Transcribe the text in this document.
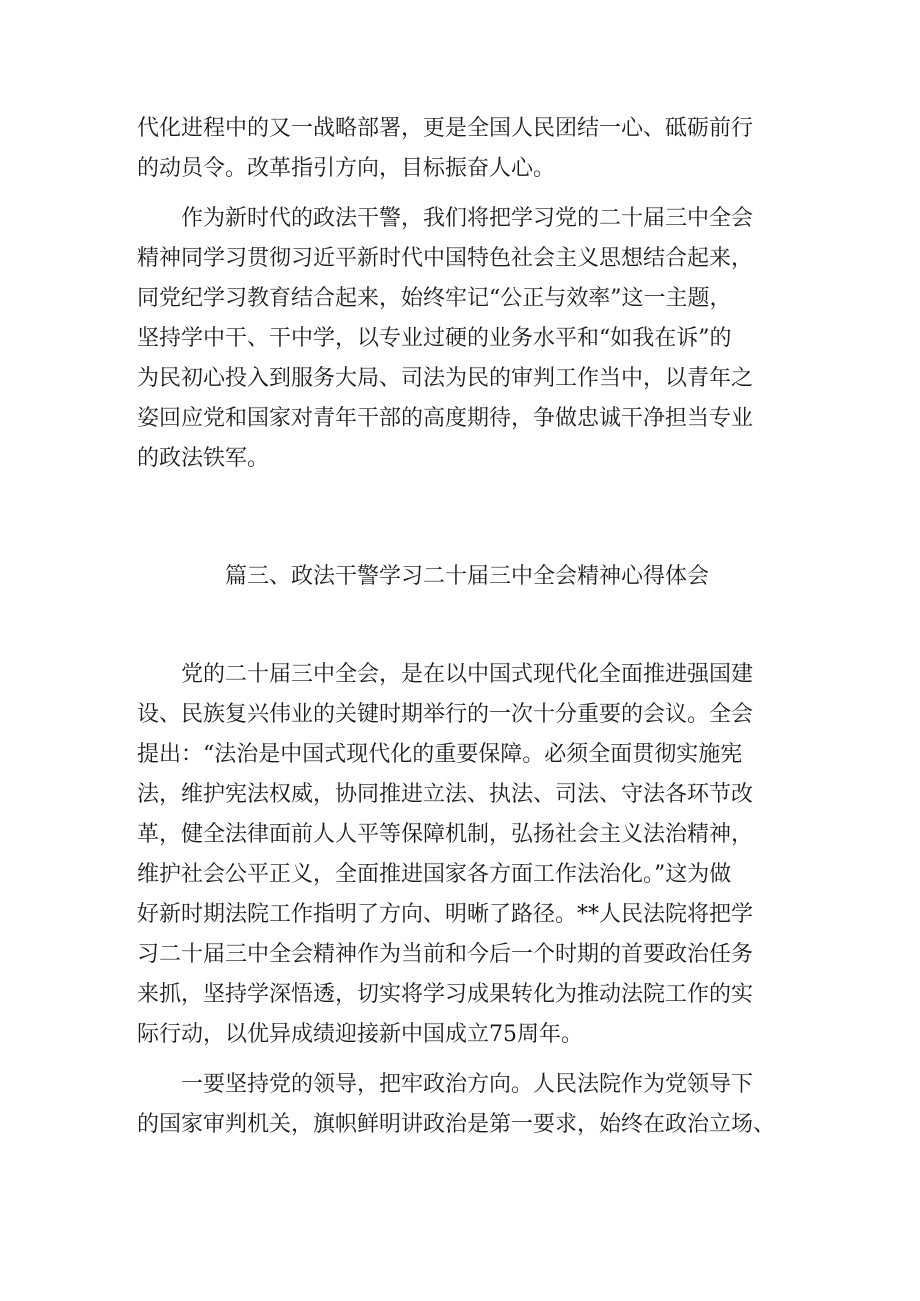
代化进程中的又一战略部署，更是全国人民团结一心、砥砺前行
的动员令。改革指引方向，目标振奋人心。
作为新时代的政法干警，我们将把学习党的二十届三中全会
精神同学习贯彻习近平新时代中国特色社会主义思想结合起来，
同党纪学习教育结合起来，始终牢记“公正与效率”这一主题，
坚持学中干、干中学，以专业过硬的业务水平和“如我在诉”的
为民初心投入到服务大局、司法为民的审判工作当中，以青年之
姿回应党和国家对青年干部的高度期待，争做忠诚干净担当专业
的政法铁军。
篇三、政法干警学习二十届三中全会精神心得体会
党的二十届三中全会，是在以中国式现代化全面推进强国建
设、民族复兴伟业的关键时期举行的一次十分重要的会议。全会
提出：“法治是中国式现代化的重要保障。必须全面贯彻实施宪
法，维护宪法权威，协同推进立法、执法、司法、守法各环节改
革，健全法律面前人人平等保障机制，弘扬社会主义法治精神，
维护社会公平正义，全面推进国家各方面工作法治化。”这为做
好新时期法院工作指明了方向、明晰了路径。**人民法院将把学
习二十届三中全会精神作为当前和今后一个时期的首要政治任务
来抓，坚持学深悟透，切实将学习成果转化为推动法院工作的实
际行动，以优异成绩迎接新中国成立75周年。
一要坚持党的领导，把牢政治方向。人民法院作为党领导下
的国家审判机关，旗帜鲜明讲政治是第一要求，始终在政治立场、
